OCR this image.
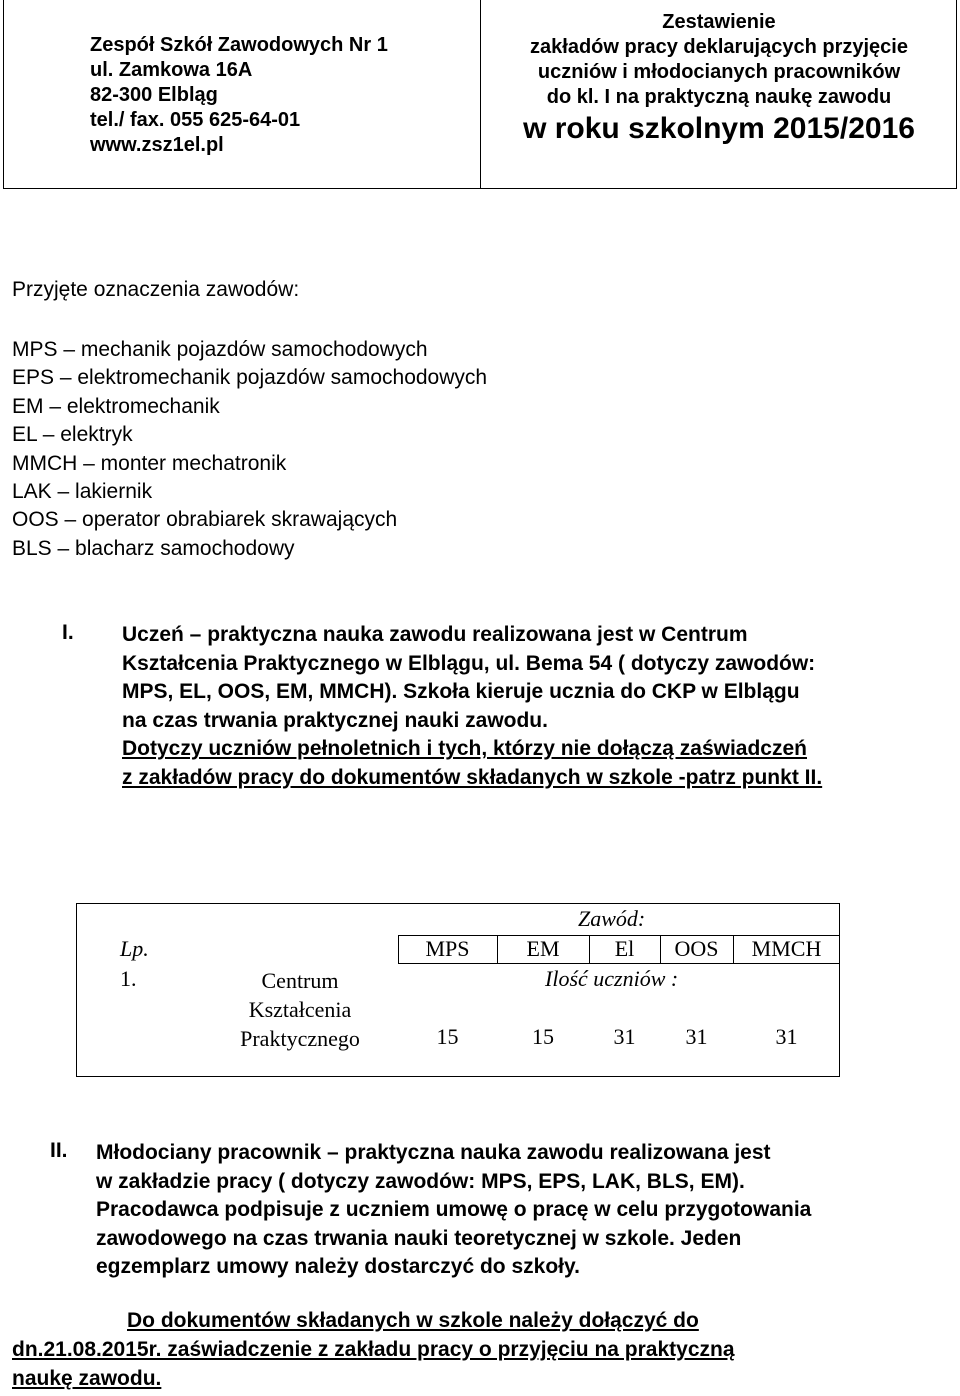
Zespół Szkół Zawodowych Nr 1
ul. Zamkowa 16A
82-300 Elbląg
tel./ fax. 055 625-64-01
www.zsz1el.pl
Zestawienie
zakładów pracy deklarujących przyjęcie
uczniów i młodocianych pracowników
do kl. I na praktyczną naukę zawodu
w roku szkolnym 2015/2016
Przyjęte oznaczenia zawodów:
MPS – mechanik pojazdów samochodowych
EPS – elektromechanik pojazdów samochodowych
EM – elektromechanik
EL – elektryk
MMCH – monter mechatronik
LAK – lakiernik
OOS – operator obrabiarek skrawających
BLS – blacharz samochodowy
I. Uczeń – praktyczna nauka zawodu realizowana jest w Centrum
Kształcenia Praktycznego w Elblągu, ul. Bema 54 ( dotyczy zawodów:
MPS, EL, OOS, EM, MMCH). Szkoła kieruje ucznia do CKP w Elblągu
na czas trwania praktycznej nauki zawodu.
Dotyczy uczniów pełnoletnich i tych, którzy nie dołączą zaświadczeń
z zakładów pracy do dokumentów składanych w szkole -patrz punkt II.
Zawód:
Lp.	MPS	EM	El	OOS	MMCH
1.	Centrum
Kształcenia
Praktycznego
Ilość uczniów :
15	15	31	31	31
II. Młodociany pracownik – praktyczna nauka zawodu realizowana jest
w zakładzie pracy ( dotyczy zawodów: MPS, EPS, LAK, BLS, EM).
Pracodawca podpisuje z uczniem umowę o pracę w celu przygotowania
zawodowego na czas trwania nauki teoretycznej w szkole. Jeden
egzemplarz umowy należy dostarczyć do szkoły.
Do dokumentów składanych w szkole należy dołączyć do
dn.21.08.2015r. zaświadczenie z zakładu pracy o przyjęciu na praktyczną
naukę zawodu.
